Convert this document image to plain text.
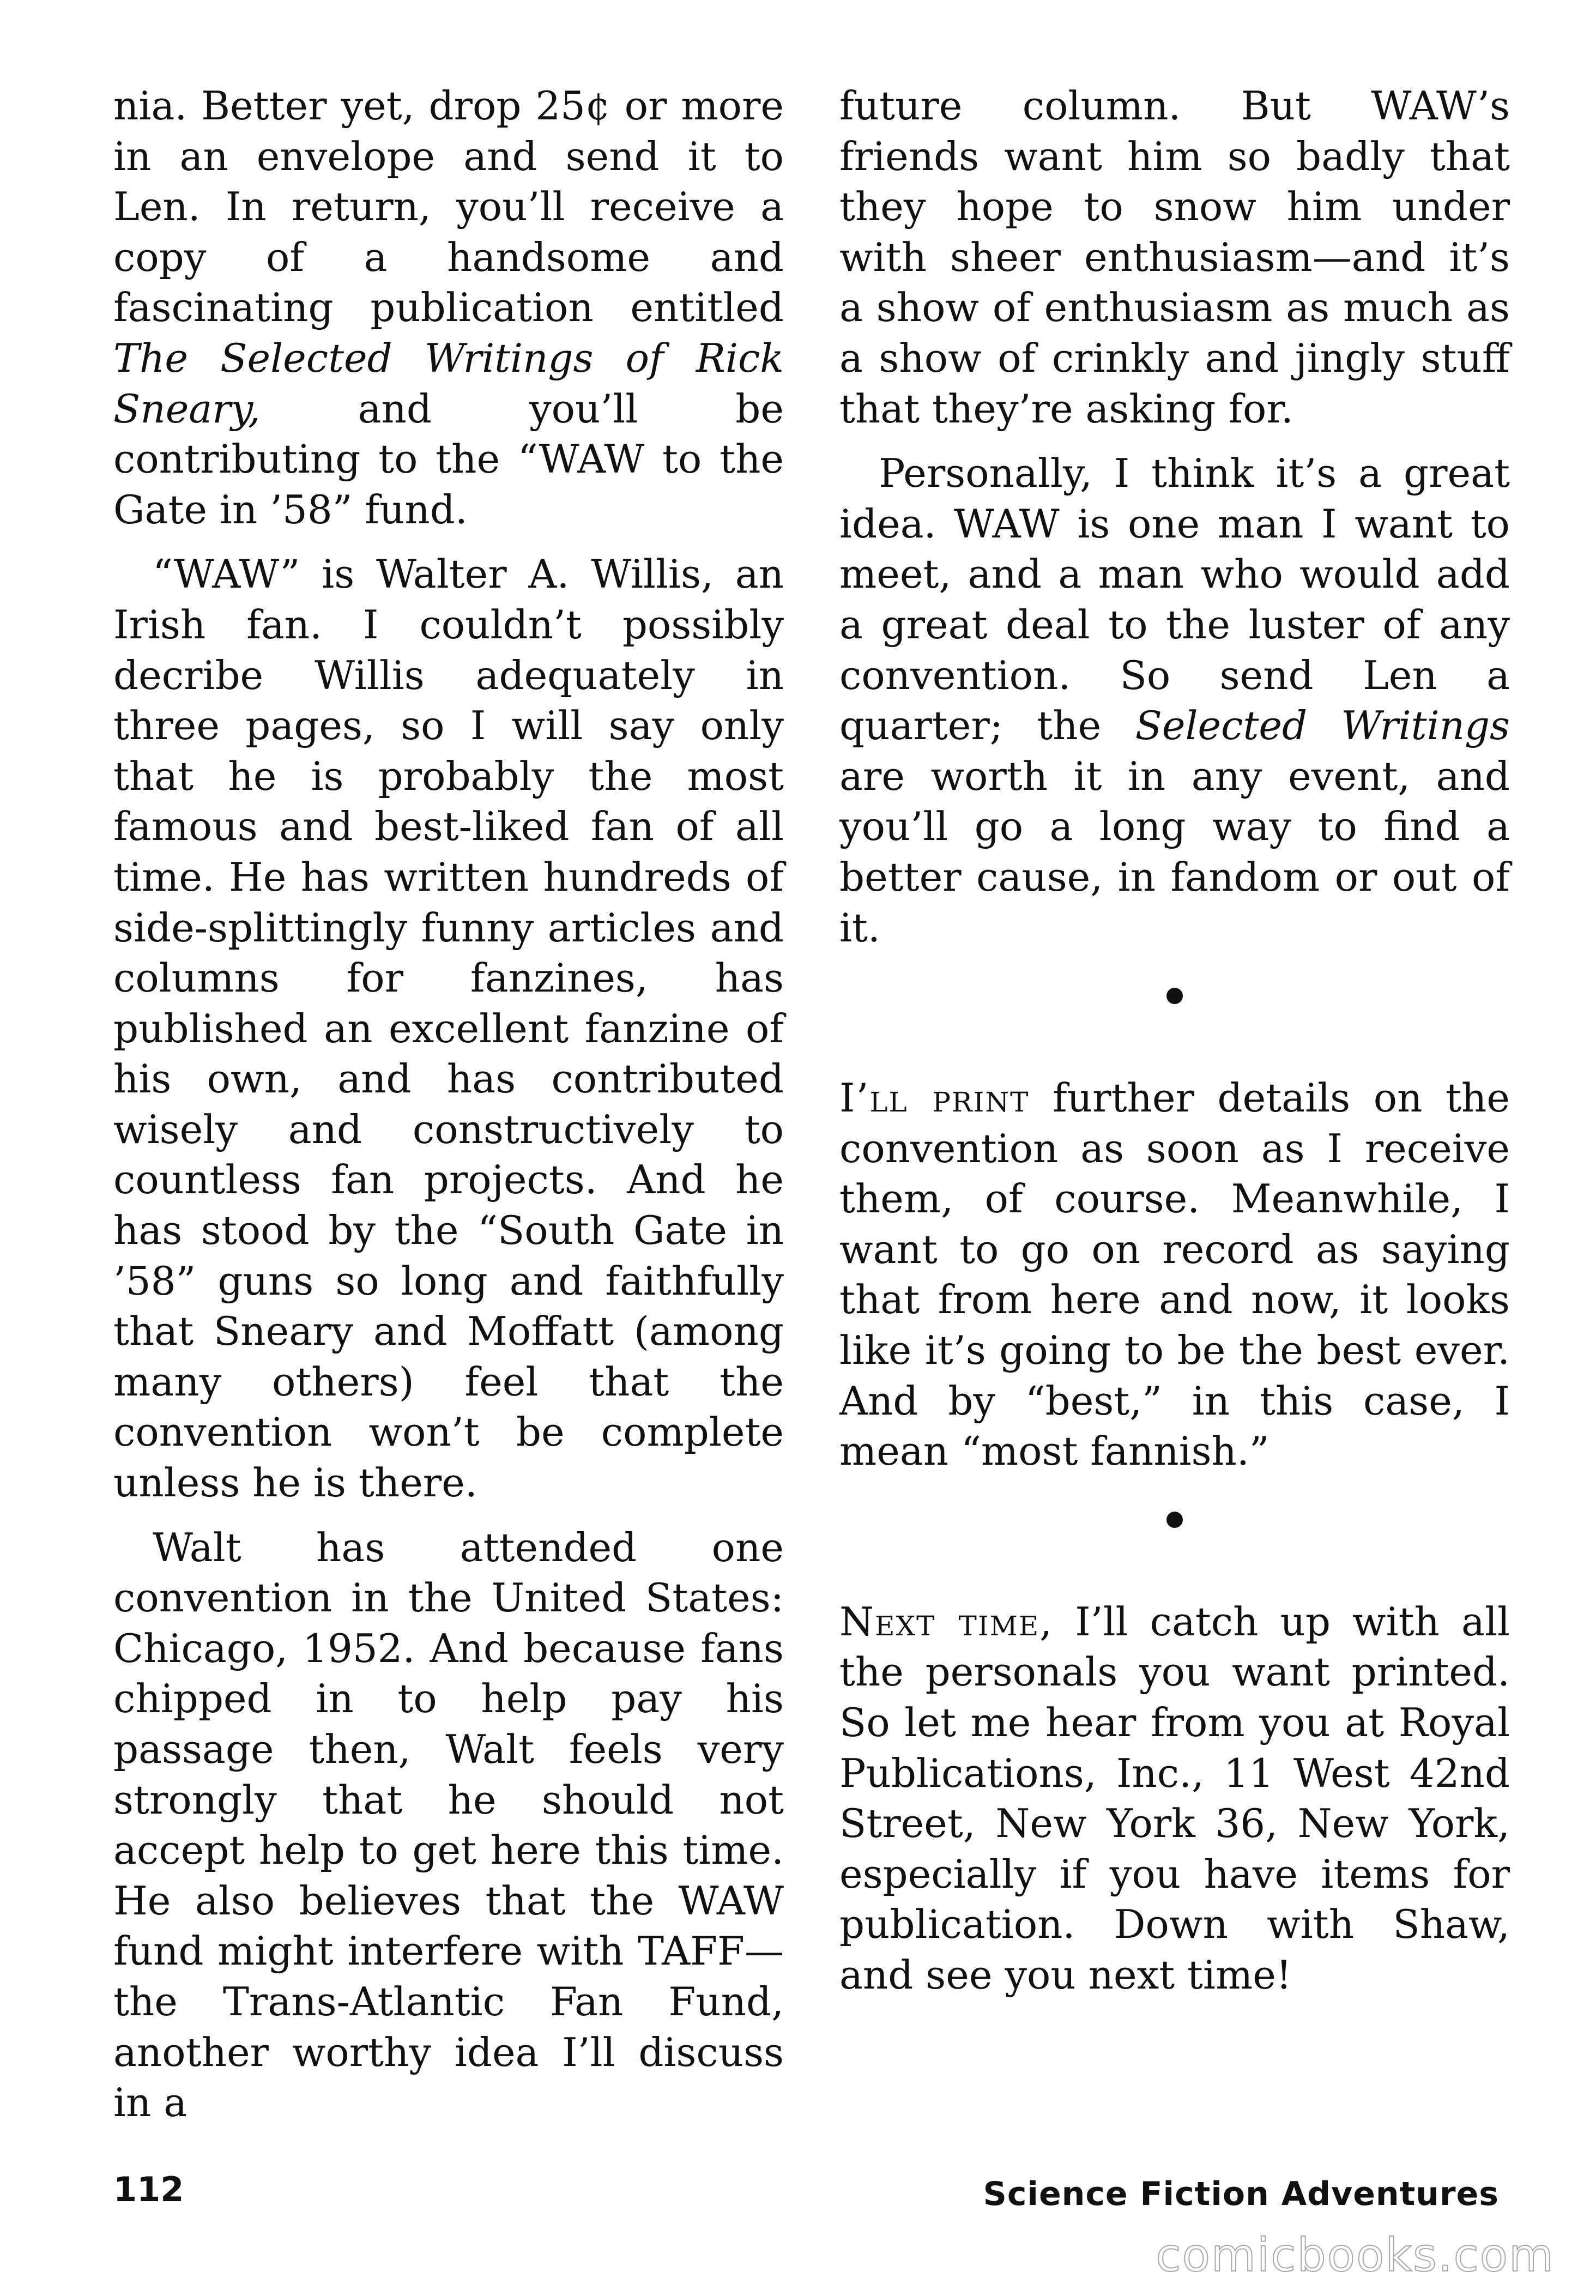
nia. Better yet, drop 25¢ or more in an envelope and send it to Len. In return, you’ll receive a copy of a handsome and fascinating publication entitled The Selected Writings of Rick Sneary, and you’ll be contributing to the “WAW to the Gate in ’58” fund.

“WAW” is Walter A. Willis, an Irish fan. I couldn’t possibly decribe Willis adequately in three pages, so I will say only that he is probably the most famous and best-liked fan of all time. He has written hundreds of side-splittingly funny articles and columns for fanzines, has published an excellent fanzine of his own, and has contributed wisely and constructively to countless fan projects. And he has stood by the “South Gate in ’58” guns so long and faithfully that Sneary and Moffatt (among many others) feel that the convention won’t be complete unless he is there.

Walt has attended one convention in the United States: Chicago, 1952. And because fans chipped in to help pay his passage then, Walt feels very strongly that he should not accept help to get here this time. He also believes that the WAW fund might interfere with TAFF—the Trans-Atlantic Fan Fund, another worthy idea I’ll discuss in a

future column. But WAW’s friends want him so badly that they hope to snow him under with sheer enthusiasm—and it’s a show of enthusiasm as much as a show of crinkly and jingly stuff that they’re asking for.

Personally, I think it’s a great idea. WAW is one man I want to meet, and a man who would add a great deal to the luster of any convention. So send Len a quarter; the Selected Writings are worth it in any event, and you’ll go a long way to find a better cause, in fandom or out of it.

I’ll print further details on the convention as soon as I receive them, of course. Meanwhile, I want to go on record as saying that from here and now, it looks like it’s going to be the best ever. And by “best,” in this case, I mean “most fannish.”

Next time, I’ll catch up with all the personals you want printed. So let me hear from you at Royal Publications, Inc., 11 West 42nd Street, New York 36, New York, especially if you have items for publication. Down with Shaw, and see you next time!

112	Science Fiction Adventures
comicbooks.com
